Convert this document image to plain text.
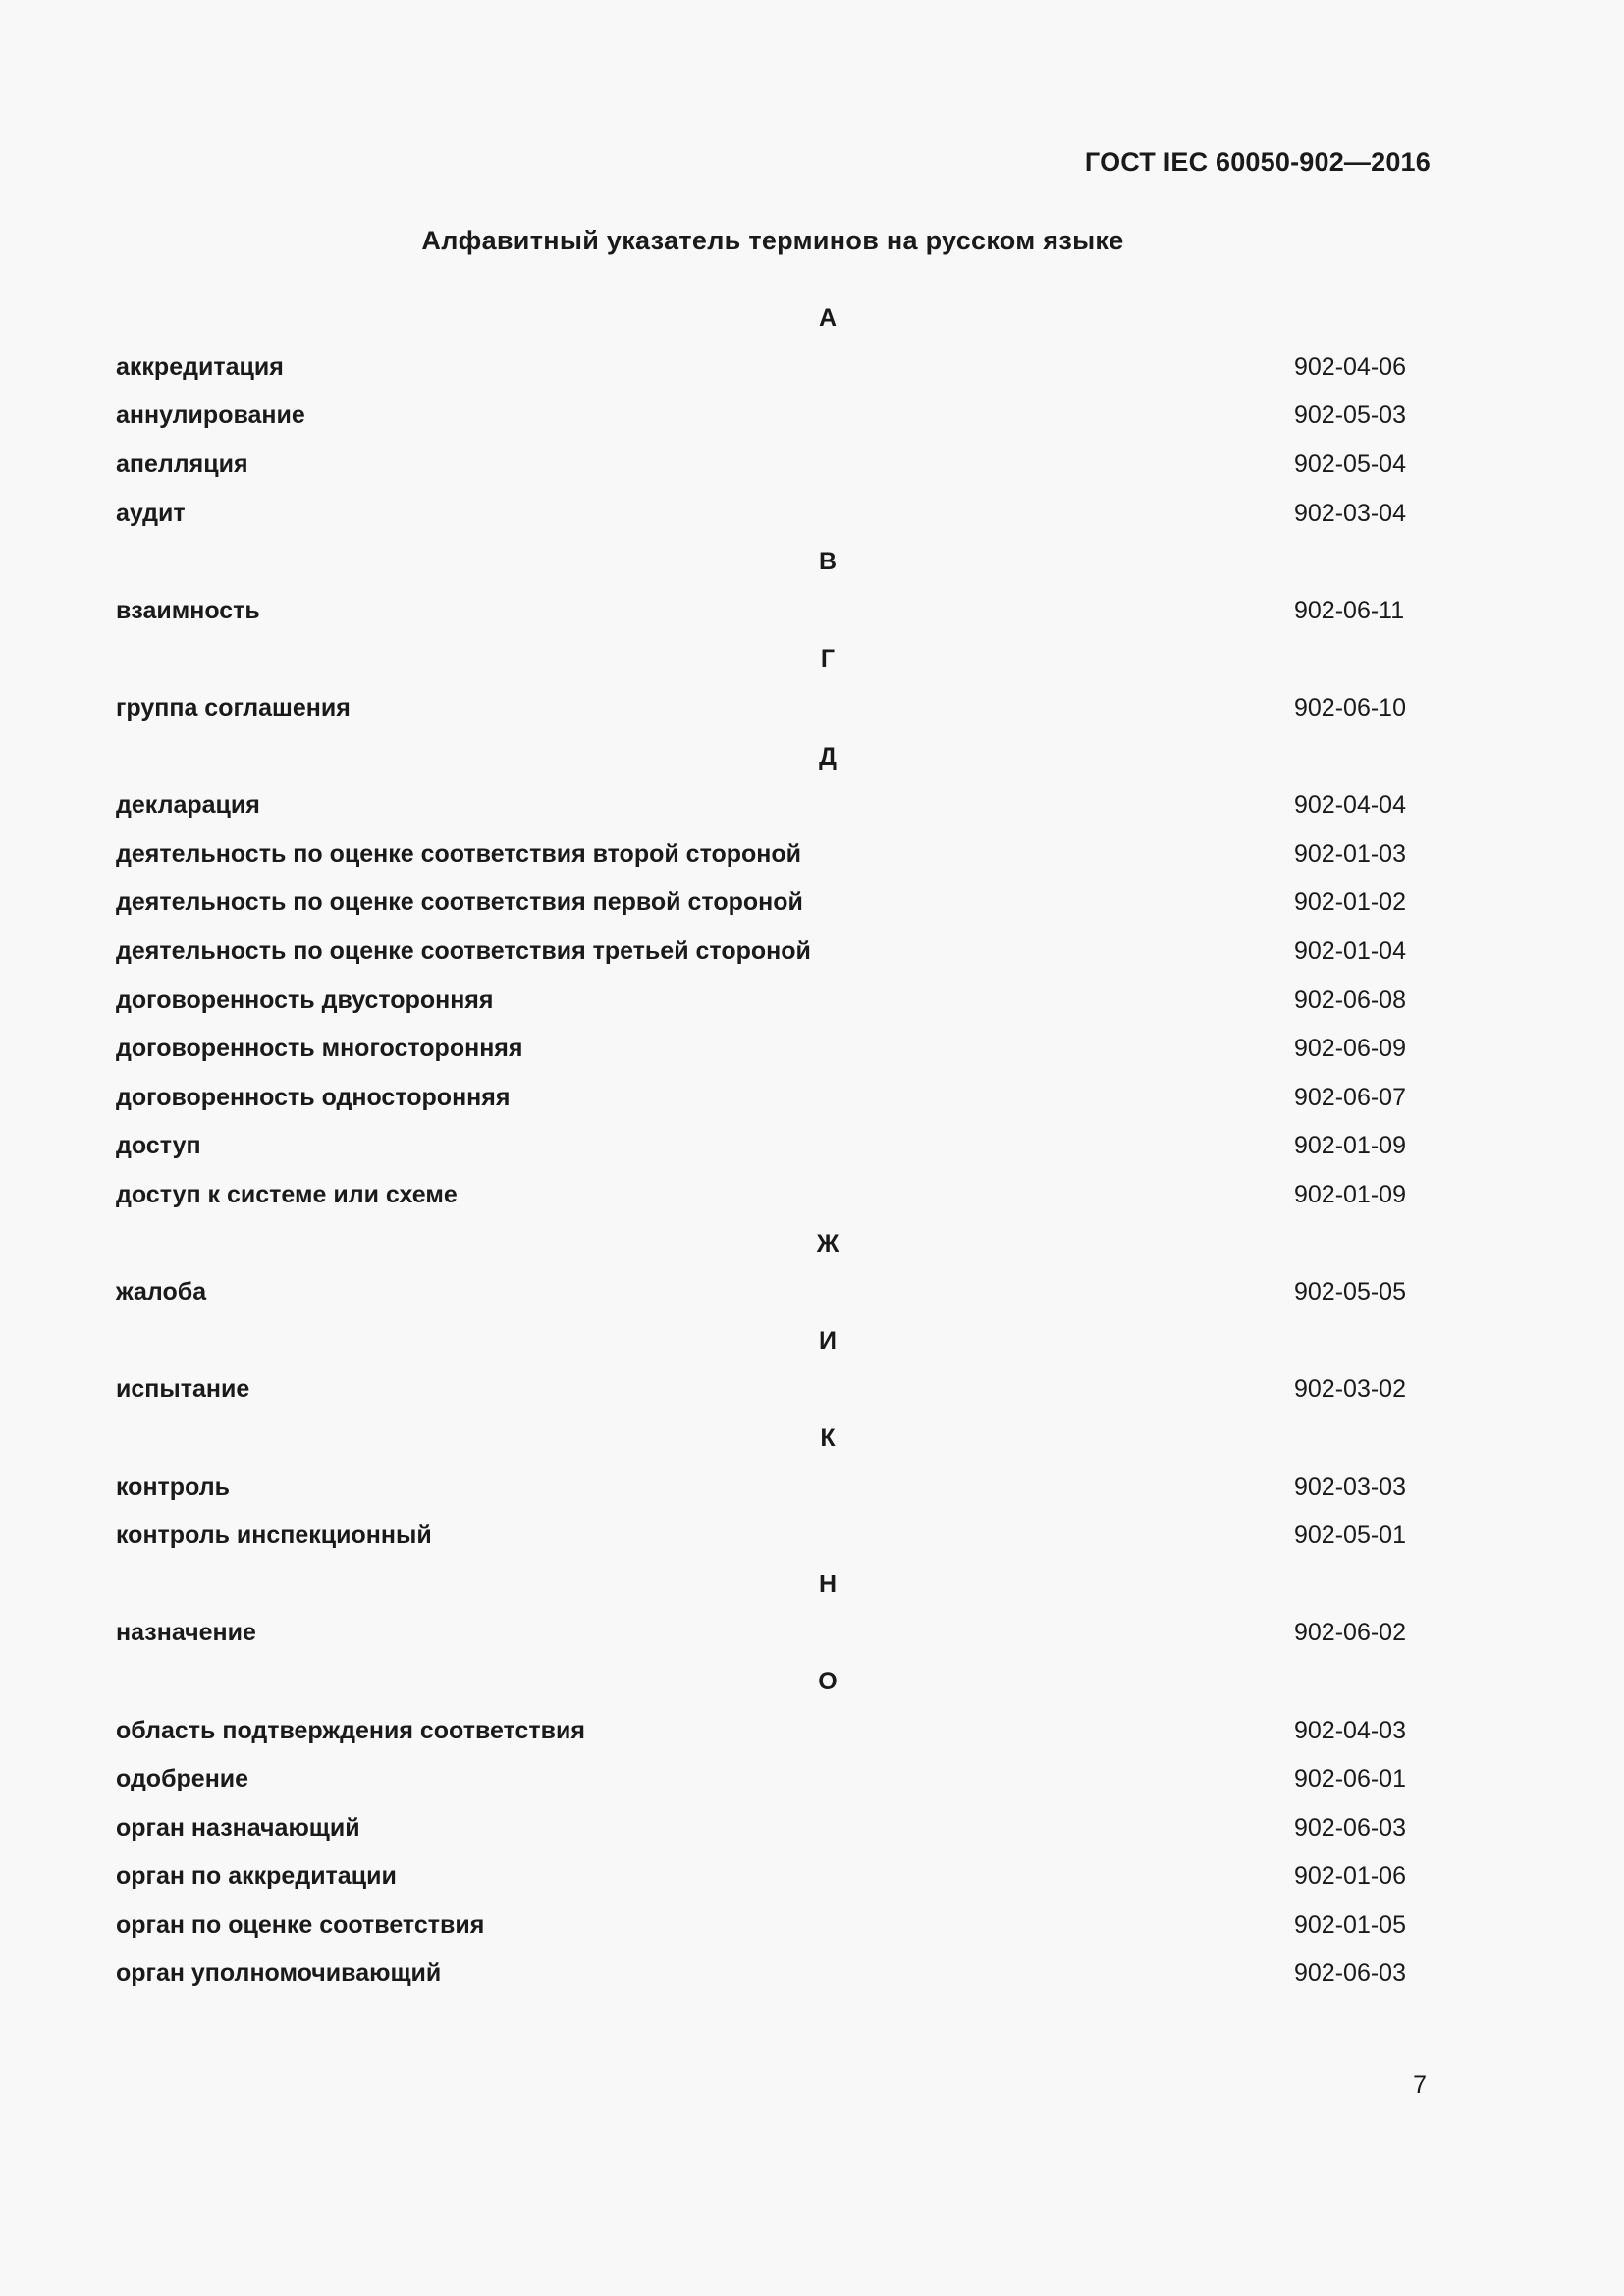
ГОСТ IEC 60050-902—2016
Алфавитный указатель терминов на русском языке
А
аккредитация	902-04-06
аннулирование	902-05-03
апелляция	902-05-04
аудит	902-03-04
В
взаимность	902-06-11
Г
группа соглашения	902-06-10
Д
декларация	902-04-04
деятельность по оценке соответствия второй стороной	902-01-03
деятельность по оценке соответствия первой стороной	902-01-02
деятельность по оценке соответствия третьей стороной	902-01-04
договоренность двусторонняя	902-06-08
договоренность многосторонняя	902-06-09
договоренность односторонняя	902-06-07
доступ	902-01-09
доступ к системе или схеме	902-01-09
Ж
жалоба	902-05-05
И
испытание	902-03-02
К
контроль	902-03-03
контроль инспекционный	902-05-01
Н
назначение	902-06-02
О
область подтверждения соответствия	902-04-03
одобрение	902-06-01
орган назначающий	902-06-03
орган по аккредитации	902-01-06
орган по оценке соответствия	902-01-05
орган уполномочивающий	902-06-03
7
